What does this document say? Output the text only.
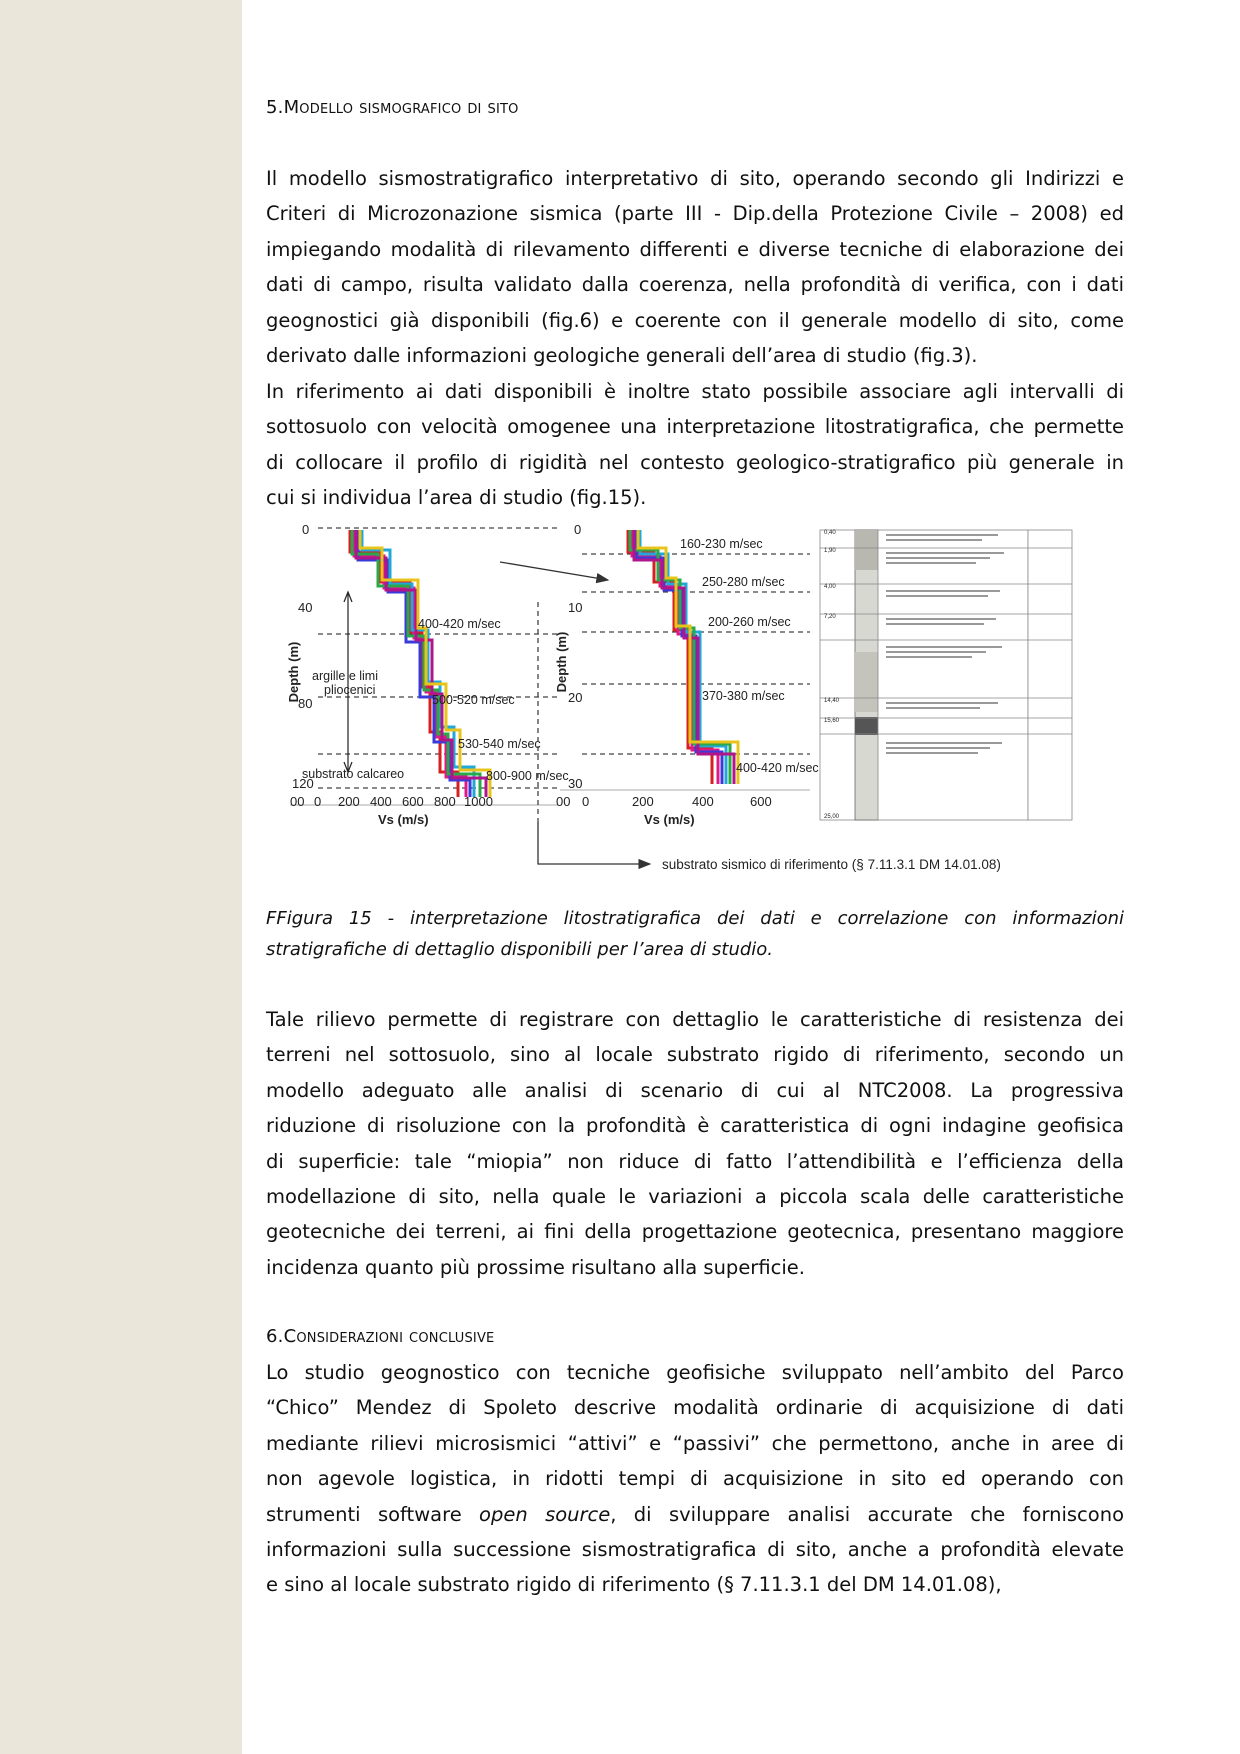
5.Modello sismografico di sito
Il modello sismostratigrafico interpretativo di sito, operando secondo gli Indirizzi e
Criteri di Microzonazione sismica (parte III - Dip.della Protezione Civile – 2008) ed
impiegando modalità di rilevamento differenti e diverse tecniche di elaborazione dei
dati di campo, risulta validato dalla coerenza, nella profondità di verifica, con i dati
geognostici già disponibili (fig.6) e coerente con il generale modello di sito, come
derivato dalle informazioni geologiche generali dell’area di studio (fig.3).
In riferimento ai dati disponibili è inoltre stato possibile associare agli intervalli di
sottosuolo con velocità omogenee una interpretazione litostratigrafica, che permette
di collocare il profilo di rigidità nel contesto geologico-stratigrafico più generale in
cui si individua l’area di studio (fig.15).
FFigura 15 - interpretazione litostratigrafica dei dati e correlazione con informazioni
stratigrafiche di dettaglio disponibili per l’area di studio.
Tale rilievo permette di registrare con dettaglio le caratteristiche di resistenza dei
terreni nel sottosuolo, sino al locale substrato rigido di riferimento, secondo un
modello adeguato alle analisi di scenario di cui al NTC2008. La progressiva
riduzione di risoluzione con la profondità è caratteristica di ogni indagine geofisica
di superficie: tale “miopia” non riduce di fatto l’attendibilità e l’efficienza della
modellazione di sito, nella quale le variazioni a piccola scala delle caratteristiche
geotecniche dei terreni, ai fini della progettazione geotecnica, presentano maggiore
incidenza quanto più prossime risultano alla superficie.
6.Considerazioni conclusive
Lo studio geognostico con tecniche geofisiche sviluppato nell’ambito del Parco
“Chico” Mendez di Spoleto descrive modalità ordinarie di acquisizione di dati
mediante rilievi microsismici “attivi” e “passivi” che permettono, anche in aree di
non agevole logistica, in ridotti tempi di acquisizione in sito ed operando con
strumenti software open source, di sviluppare analisi accurate che forniscono
informazioni sulla successione sismostratigrafica di sito, anche a profondità elevate
e sino al locale substrato rigido di riferimento (§ 7.11.3.1 del DM 14.01.08),
0
40
80
120
00 0 200 400 600 800 1000
Vs (m/s)
Depth (m)
400-420 m/sec
500-520 m/sec
530-540 m/sec
800-900 m/sec
argille e limi
pliocenici
substrato calcareo
0
10
20
30
00 0	200	400	600
Vs (m/s)
Depth (m)
160-230 m/sec
250-280 m/sec
200-260 m/sec
370-380 m/sec
400-420 m/sec
0,40
1,90
4,00
7,20
14,40
15,60
25,00
substrato sismico di riferimento (§ 7.11.3.1 DM 14.01.08)
